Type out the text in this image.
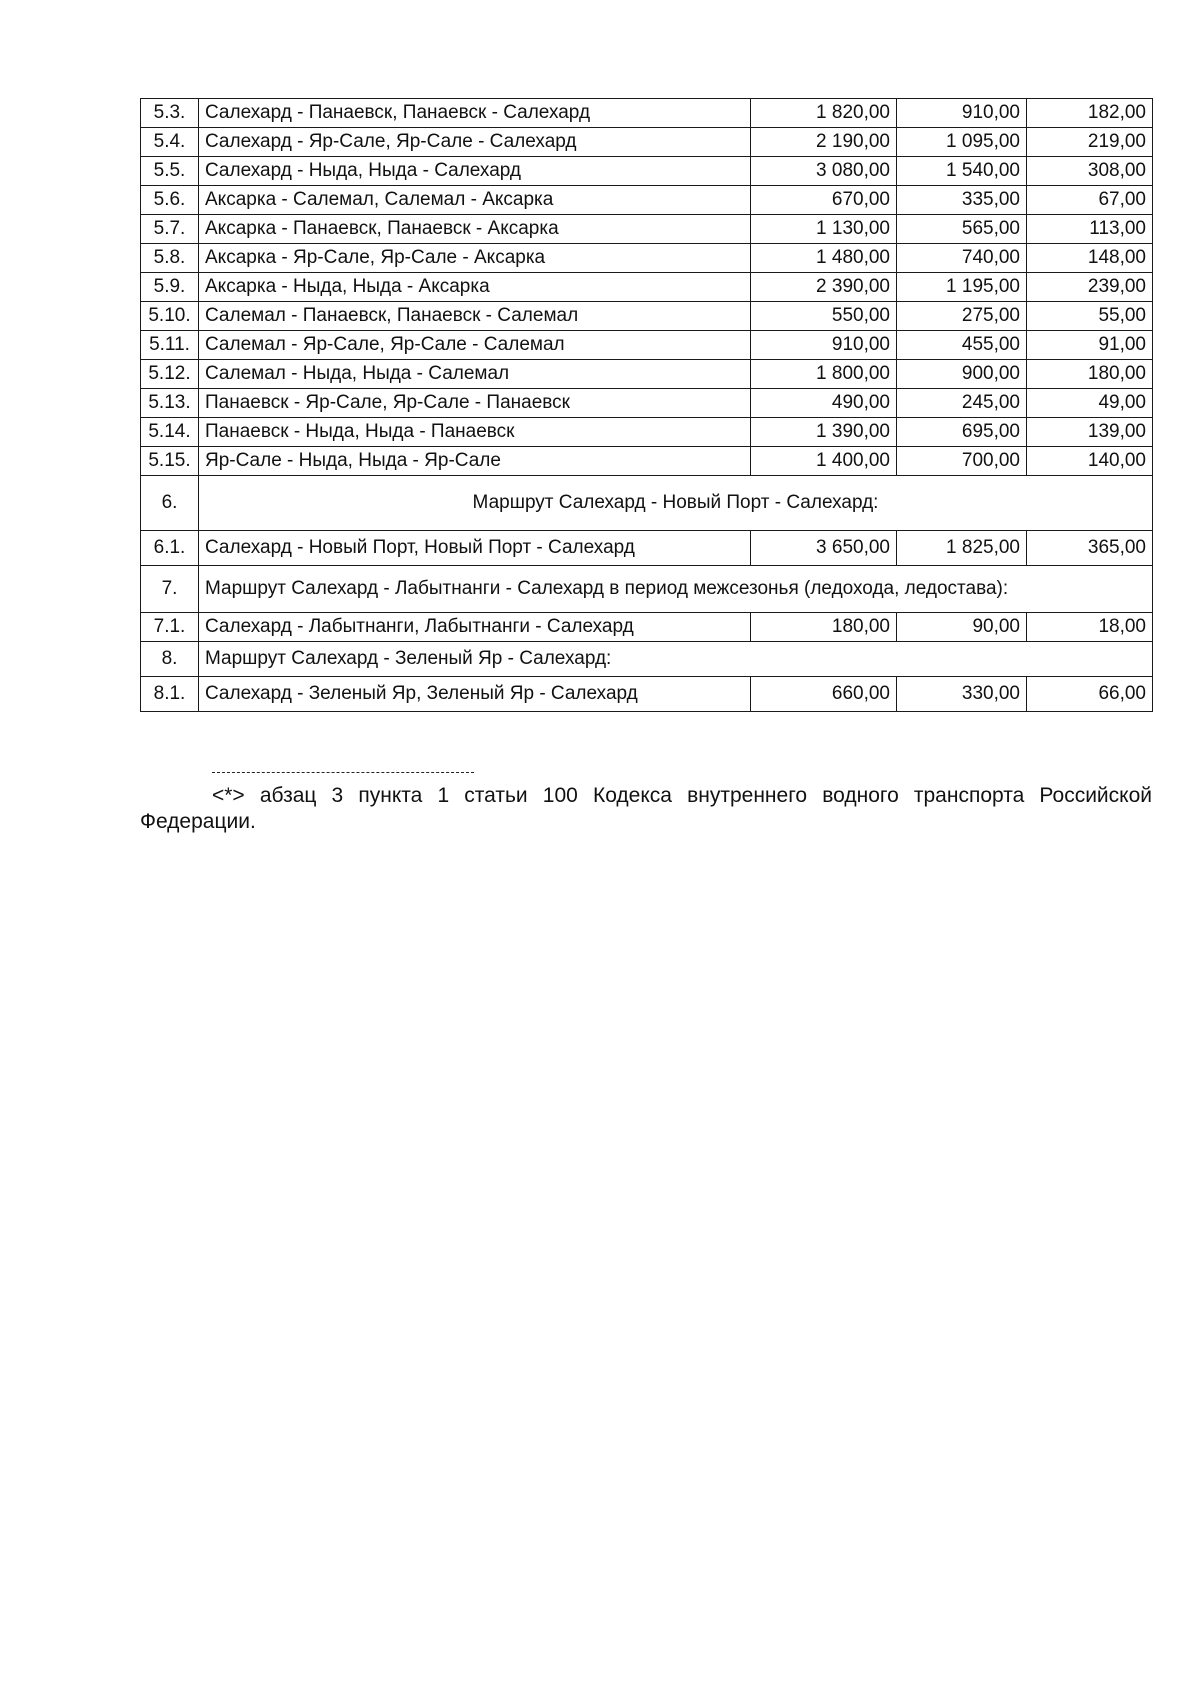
5.3.	Салехард - Панаевск, Панаевск - Салехард	1 820,00	910,00	182,00
5.4.	Салехард - Яр-Сале, Яр-Сале - Салехард	2 190,00	1 095,00	219,00
5.5.	Салехард - Ныда, Ныда - Салехард	3 080,00	1 540,00	308,00
5.6.	Аксарка - Салемал, Салемал - Аксарка	670,00	335,00	67,00
5.7.	Аксарка - Панаевск, Панаевск - Аксарка	1 130,00	565,00	113,00
5.8.	Аксарка - Яр-Сале, Яр-Сале - Аксарка	1 480,00	740,00	148,00
5.9.	Аксарка - Ныда, Ныда - Аксарка	2 390,00	1 195,00	239,00
5.10.	Салемал - Панаевск, Панаевск - Салемал	550,00	275,00	55,00
5.11.	Салемал - Яр-Сале, Яр-Сале - Салемал	910,00	455,00	91,00
5.12.	Салемал - Ныда, Ныда - Салемал	1 800,00	900,00	180,00
5.13.	Панаевск - Яр-Сале, Яр-Сале - Панаевск	490,00	245,00	49,00
5.14.	Панаевск - Ныда, Ныда - Панаевск	1 390,00	695,00	139,00
5.15.	Яр-Сале - Ныда, Ныда - Яр-Сале	1 400,00	700,00	140,00
6.	Маршрут Салехард - Новый Порт - Салехард:			
6.1.	Салехард - Новый Порт, Новый Порт - Салехард	3 650,00	1 825,00	365,00
7.	Маршрут Салехард - Лабытнанги - Салехард в период межсезонья (ледохода, ледостава):			
7.1.	Салехард - Лабытнанги, Лабытнанги - Салехард	180,00	90,00	18,00
8.	Маршрут Салехард - Зеленый Яр - Салехард:			
8.1.	Салехард - Зеленый Яр, Зеленый Яр - Салехард	660,00	330,00	66,00

<*> абзац 3 пункта 1 статьи 100 Кодекса внутреннего водного транспорта Российской Федерации.
